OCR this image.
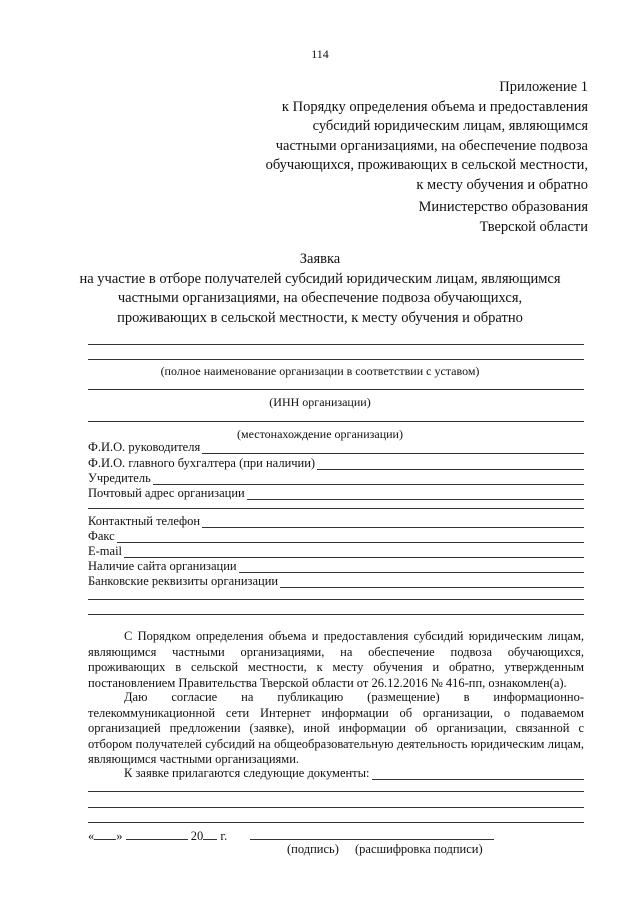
114
Приложение 1
к Порядку определения объема и предоставления
субсидий юридическим лицам, являющимся
частными организациями, на обеспечение подвоза
обучающихся, проживающих в сельской местности,
к месту обучения и обратно
Министерство образования
Тверской области
Заявка
на участие в отборе получателей субсидий юридическим лицам, являющимся
частными организациями, на обеспечение подвоза обучающихся,
проживающих в сельской местности, к месту обучения и обратно
(полное наименование организации в соответствии с уставом)
(ИНН организации)
(местонахождение организации)
Ф.И.О. руководителя
Ф.И.О. главного бухгалтера (при наличии)
Учредитель
Почтовый адрес организации
Контактный телефон
Факс
E-mail
Наличие сайта организации
Банковские реквизиты организации
С Порядком определения объема и предоставления субсидий юридическим лицам, являющимся частными организациями, на обеспечение подвоза обучающихся, проживающих в сельской местности, к месту обучения и обратно, утвержденным постановлением Правительства Тверской области от 26.12.2016 № 416-пп, ознакомлен(а).
Даю согласие на публикацию (размещение) в информационно-телекоммуникационной сети Интернет информации об организации, о подаваемом организацией предложении (заявке), иной информации об организации, связанной с отбором получателей субсидий на общеобразовательную деятельность юридическим лицам, являющимся частными организациями.
К заявке прилагаются следующие документы:
« »	20 г.
(подпись) (расшифровка подписи)
